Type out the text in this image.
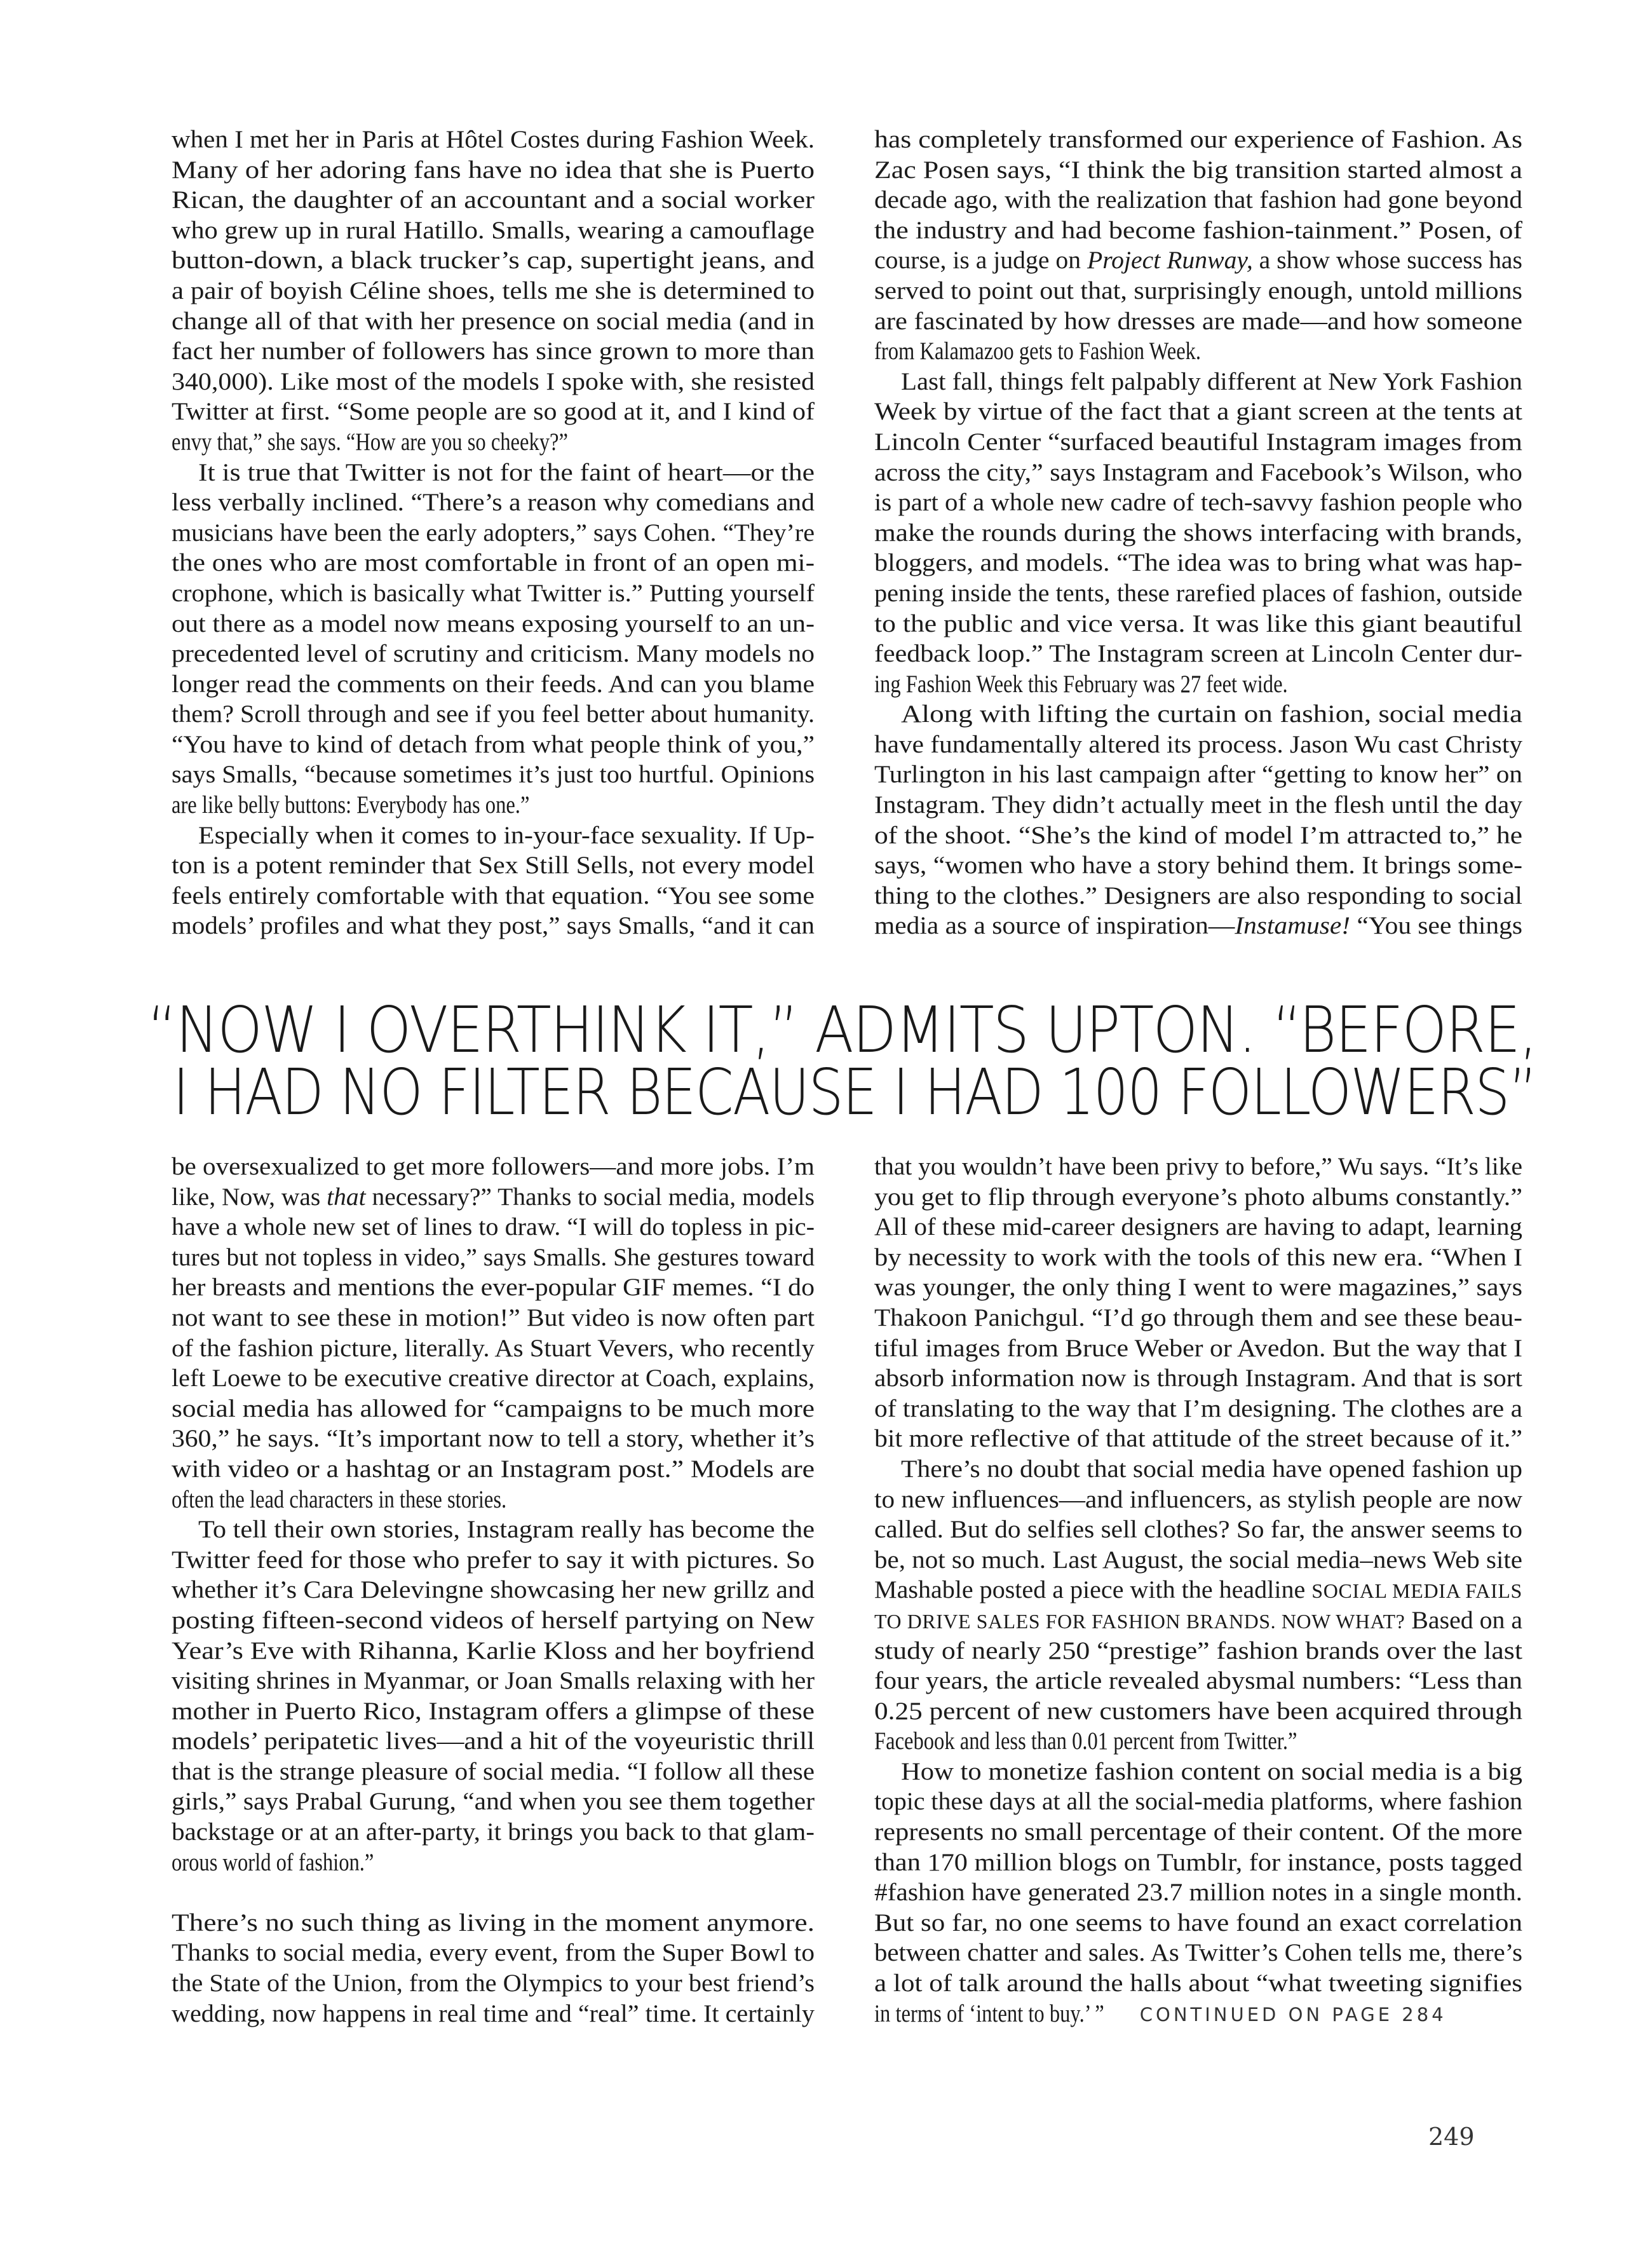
when I met her in Paris at Hôtel Costes during Fashion Week.
Many of her adoring fans have no idea that she is Puerto
Rican, the daughter of an accountant and a social worker
who grew up in rural Hatillo. Smalls, wearing a camouflage
button-down, a black trucker’s cap, supertight jeans, and
a pair of boyish Céline shoes, tells me she is determined to
change all of that with her presence on social media (and in
fact her number of followers has since grown to more than
340,000). Like most of the models I spoke with, she resisted
Twitter at first. “Some people are so good at it, and I kind of
envy that,” she says. “How are you so cheeky?”
It is true that Twitter is not for the faint of heart—or the
less verbally inclined. “There’s a reason why comedians and
musicians have been the early adopters,” says Cohen. “They’re
the ones who are most comfortable in front of an open mi-
crophone, which is basically what Twitter is.” Putting yourself
out there as a model now means exposing yourself to an un-
precedented level of scrutiny and criticism. Many models no
longer read the comments on their feeds. And can you blame
them? Scroll through and see if you feel better about humanity.
“You have to kind of detach from what people think of you,”
says Smalls, “because sometimes it’s just too hurtful. Opinions
are like belly buttons: Everybody has one.”
Especially when it comes to in-your-face sexuality. If Up-
ton is a potent reminder that Sex Still Sells, not every model
feels entirely comfortable with that equation. “You see some
models’ profiles and what they post,” says Smalls, “and it can
has completely transformed our experience of Fashion. As
Zac Posen says, “I think the big transition started almost a
decade ago, with the realization that fashion had gone beyond
the industry and had become fashion-tainment.” Posen, of
course, is a judge on Project Runway, a show whose success has
served to point out that, surprisingly enough, untold millions
are fascinated by how dresses are made—and how someone
from Kalamazoo gets to Fashion Week.
Last fall, things felt palpably different at New York Fashion
Week by virtue of the fact that a giant screen at the tents at
Lincoln Center “surfaced beautiful Instagram images from
across the city,” says Instagram and Facebook’s Wilson, who
is part of a whole new cadre of tech-savvy fashion people who
make the rounds during the shows interfacing with brands,
bloggers, and models. “The idea was to bring what was hap-
pening inside the tents, these rarefied places of fashion, outside
to the public and vice versa. It was like this giant beautiful
feedback loop.” The Instagram screen at Lincoln Center dur-
ing Fashion Week this February was 27 feet wide.
Along with lifting the curtain on fashion, social media
have fundamentally altered its process. Jason Wu cast Christy
Turlington in his last campaign after “getting to know her” on
Instagram. They didn’t actually meet in the flesh until the day
of the shoot. “She’s the kind of model I’m attracted to,” he
says, “women who have a story behind them. It brings some-
thing to the clothes.” Designers are also responding to social
media as a source of inspiration—Instamuse! “You see things
“NOW I OVERTHINK IT,” ADMITS UPTON. “BEFORE,
I HAD NO FILTER BECAUSE I HAD 100 FOLLOWERS”
be oversexualized to get more followers—and more jobs. I’m
like, Now, was that necessary?” Thanks to social media, models
have a whole new set of lines to draw. “I will do topless in pic-
tures but not topless in video,” says Smalls. She gestures toward
her breasts and mentions the ever-popular GIF memes. “I do
not want to see these in motion!” But video is now often part
of the fashion picture, literally. As Stuart Vevers, who recently
left Loewe to be executive creative director at Coach, explains,
social media has allowed for “campaigns to be much more
360,” he says. “It’s important now to tell a story, whether it’s
with video or a hashtag or an Instagram post.” Models are
often the lead characters in these stories.
To tell their own stories, Instagram really has become the
Twitter feed for those who prefer to say it with pictures. So
whether it’s Cara Delevingne showcasing her new grillz and
posting fifteen-second videos of herself partying on New
Year’s Eve with Rihanna, Karlie Kloss and her boyfriend
visiting shrines in Myanmar, or Joan Smalls relaxing with her
mother in Puerto Rico, Instagram offers a glimpse of these
models’ peripatetic lives—and a hit of the voyeuristic thrill
that is the strange pleasure of social media. “I follow all these
girls,” says Prabal Gurung, “and when you see them together
backstage or at an after-party, it brings you back to that glam-
orous world of fashion.”
There’s no such thing as living in the moment anymore.
Thanks to social media, every event, from the Super Bowl to
the State of the Union, from the Olympics to your best friend’s
wedding, now happens in real time and “real” time. It certainly
that you wouldn’t have been privy to before,” Wu says. “It’s like
you get to flip through everyone’s photo albums constantly.”
All of these mid-career designers are having to adapt, learning
by necessity to work with the tools of this new era. “When I
was younger, the only thing I went to were magazines,” says
Thakoon Panichgul. “I’d go through them and see these beau-
tiful images from Bruce Weber or Avedon. But the way that I
absorb information now is through Instagram. And that is sort
of translating to the way that I’m designing. The clothes are a
bit more reflective of that attitude of the street because of it.”
There’s no doubt that social media have opened fashion up
to new influences—and influencers, as stylish people are now
called. But do selfies sell clothes? So far, the answer seems to
be, not so much. Last August, the social media–news Web site
Mashable posted a piece with the headline SOCIAL MEDIA FAILS
TO DRIVE SALES FOR FASHION BRANDS. NOW WHAT? Based on a
study of nearly 250 “prestige” fashion brands over the last
four years, the article revealed abysmal numbers: “Less than
0.25 percent of new customers have been acquired through
Facebook and less than 0.01 percent from Twitter.”
How to monetize fashion content on social media is a big
topic these days at all the social-media platforms, where fashion
represents no small percentage of their content. Of the more
than 170 million blogs on Tumblr, for instance, posts tagged
#fashion have generated 23.7 million notes in a single month.
But so far, no one seems to have found an exact correlation
between chatter and sales. As Twitter’s Cohen tells me, there’s
a lot of talk around the halls about “what tweeting signifies
in terms of ‘intent to buy.’ ” CONTINUED ON PAGE 284
249
